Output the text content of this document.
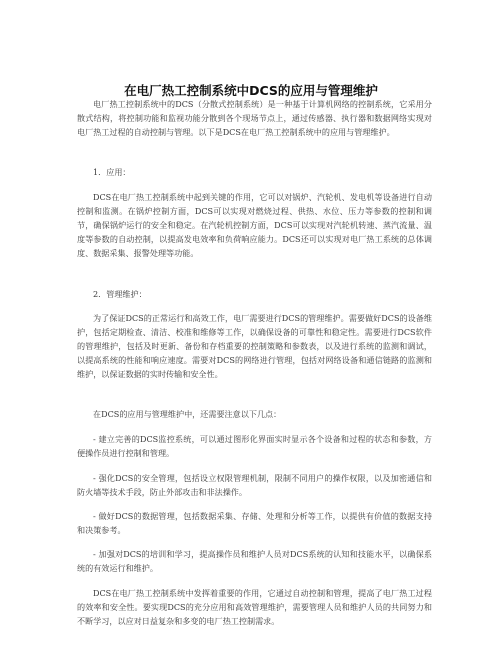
在电厂热工控制系统中DCS的应用与管理维护

电厂热工控制系统中的DCS（分散式控制系统）是一种基于计算机网络的控制系统，它采用分散式结构，将控制功能和监视功能分散到各个现场节点上，通过传感器、执行器和数据网络实现对电厂热工过程的自动控制与管理。以下是DCS在电厂热工控制系统中的应用与管理维护。

1．应用：

DCS在电厂热工控制系统中起到关键的作用，它可以对锅炉、汽轮机、发电机等设备进行自动控制和监测。在锅炉控制方面，DCS可以实现对燃烧过程、供热、水位、压力等参数的控制和调节，确保锅炉运行的安全和稳定。在汽轮机控制方面，DCS可以实现对汽轮机转速、蒸汽流量、温度等参数的自动控制，以提高发电效率和负荷响应能力。DCS还可以实现对电厂热工系统的总体调度、数据采集、报警处理等功能。

2．管理维护：

为了保证DCS的正常运行和高效工作，电厂需要进行DCS的管理维护。需要做好DCS的设备维护，包括定期检查、清洁、校准和维修等工作，以确保设备的可靠性和稳定性。需要进行DCS软件的管理维护，包括及时更新、备份和存档重要的控制策略和参数表，以及进行系统的监测和调试，以提高系统的性能和响应速度。需要对DCS的网络进行管理，包括对网络设备和通信链路的监测和维护，以保证数据的实时传输和安全性。

在DCS的应用与管理维护中，还需要注意以下几点：

- 建立完善的DCS监控系统，可以通过图形化界面实时显示各个设备和过程的状态和参数，方便操作员进行控制和管理。

- 强化DCS的安全管理，包括设立权限管理机制，限制不同用户的操作权限，以及加密通信和防火墙等技术手段，防止外部攻击和非法操作。

- 做好DCS的数据管理，包括数据采集、存储、处理和分析等工作，以提供有价值的数据支持和决策参考。

- 加强对DCS的培训和学习，提高操作员和维护人员对DCS系统的认知和技能水平，以确保系统的有效运行和维护。

DCS在电厂热工控制系统中发挥着重要的作用，它通过自动控制和管理，提高了电厂热工过程的效率和安全性。要实现DCS的充分应用和高效管理维护，需要管理人员和维护人员的共同努力和不断学习，以应对日益复杂和多变的电厂热工控制需求。
